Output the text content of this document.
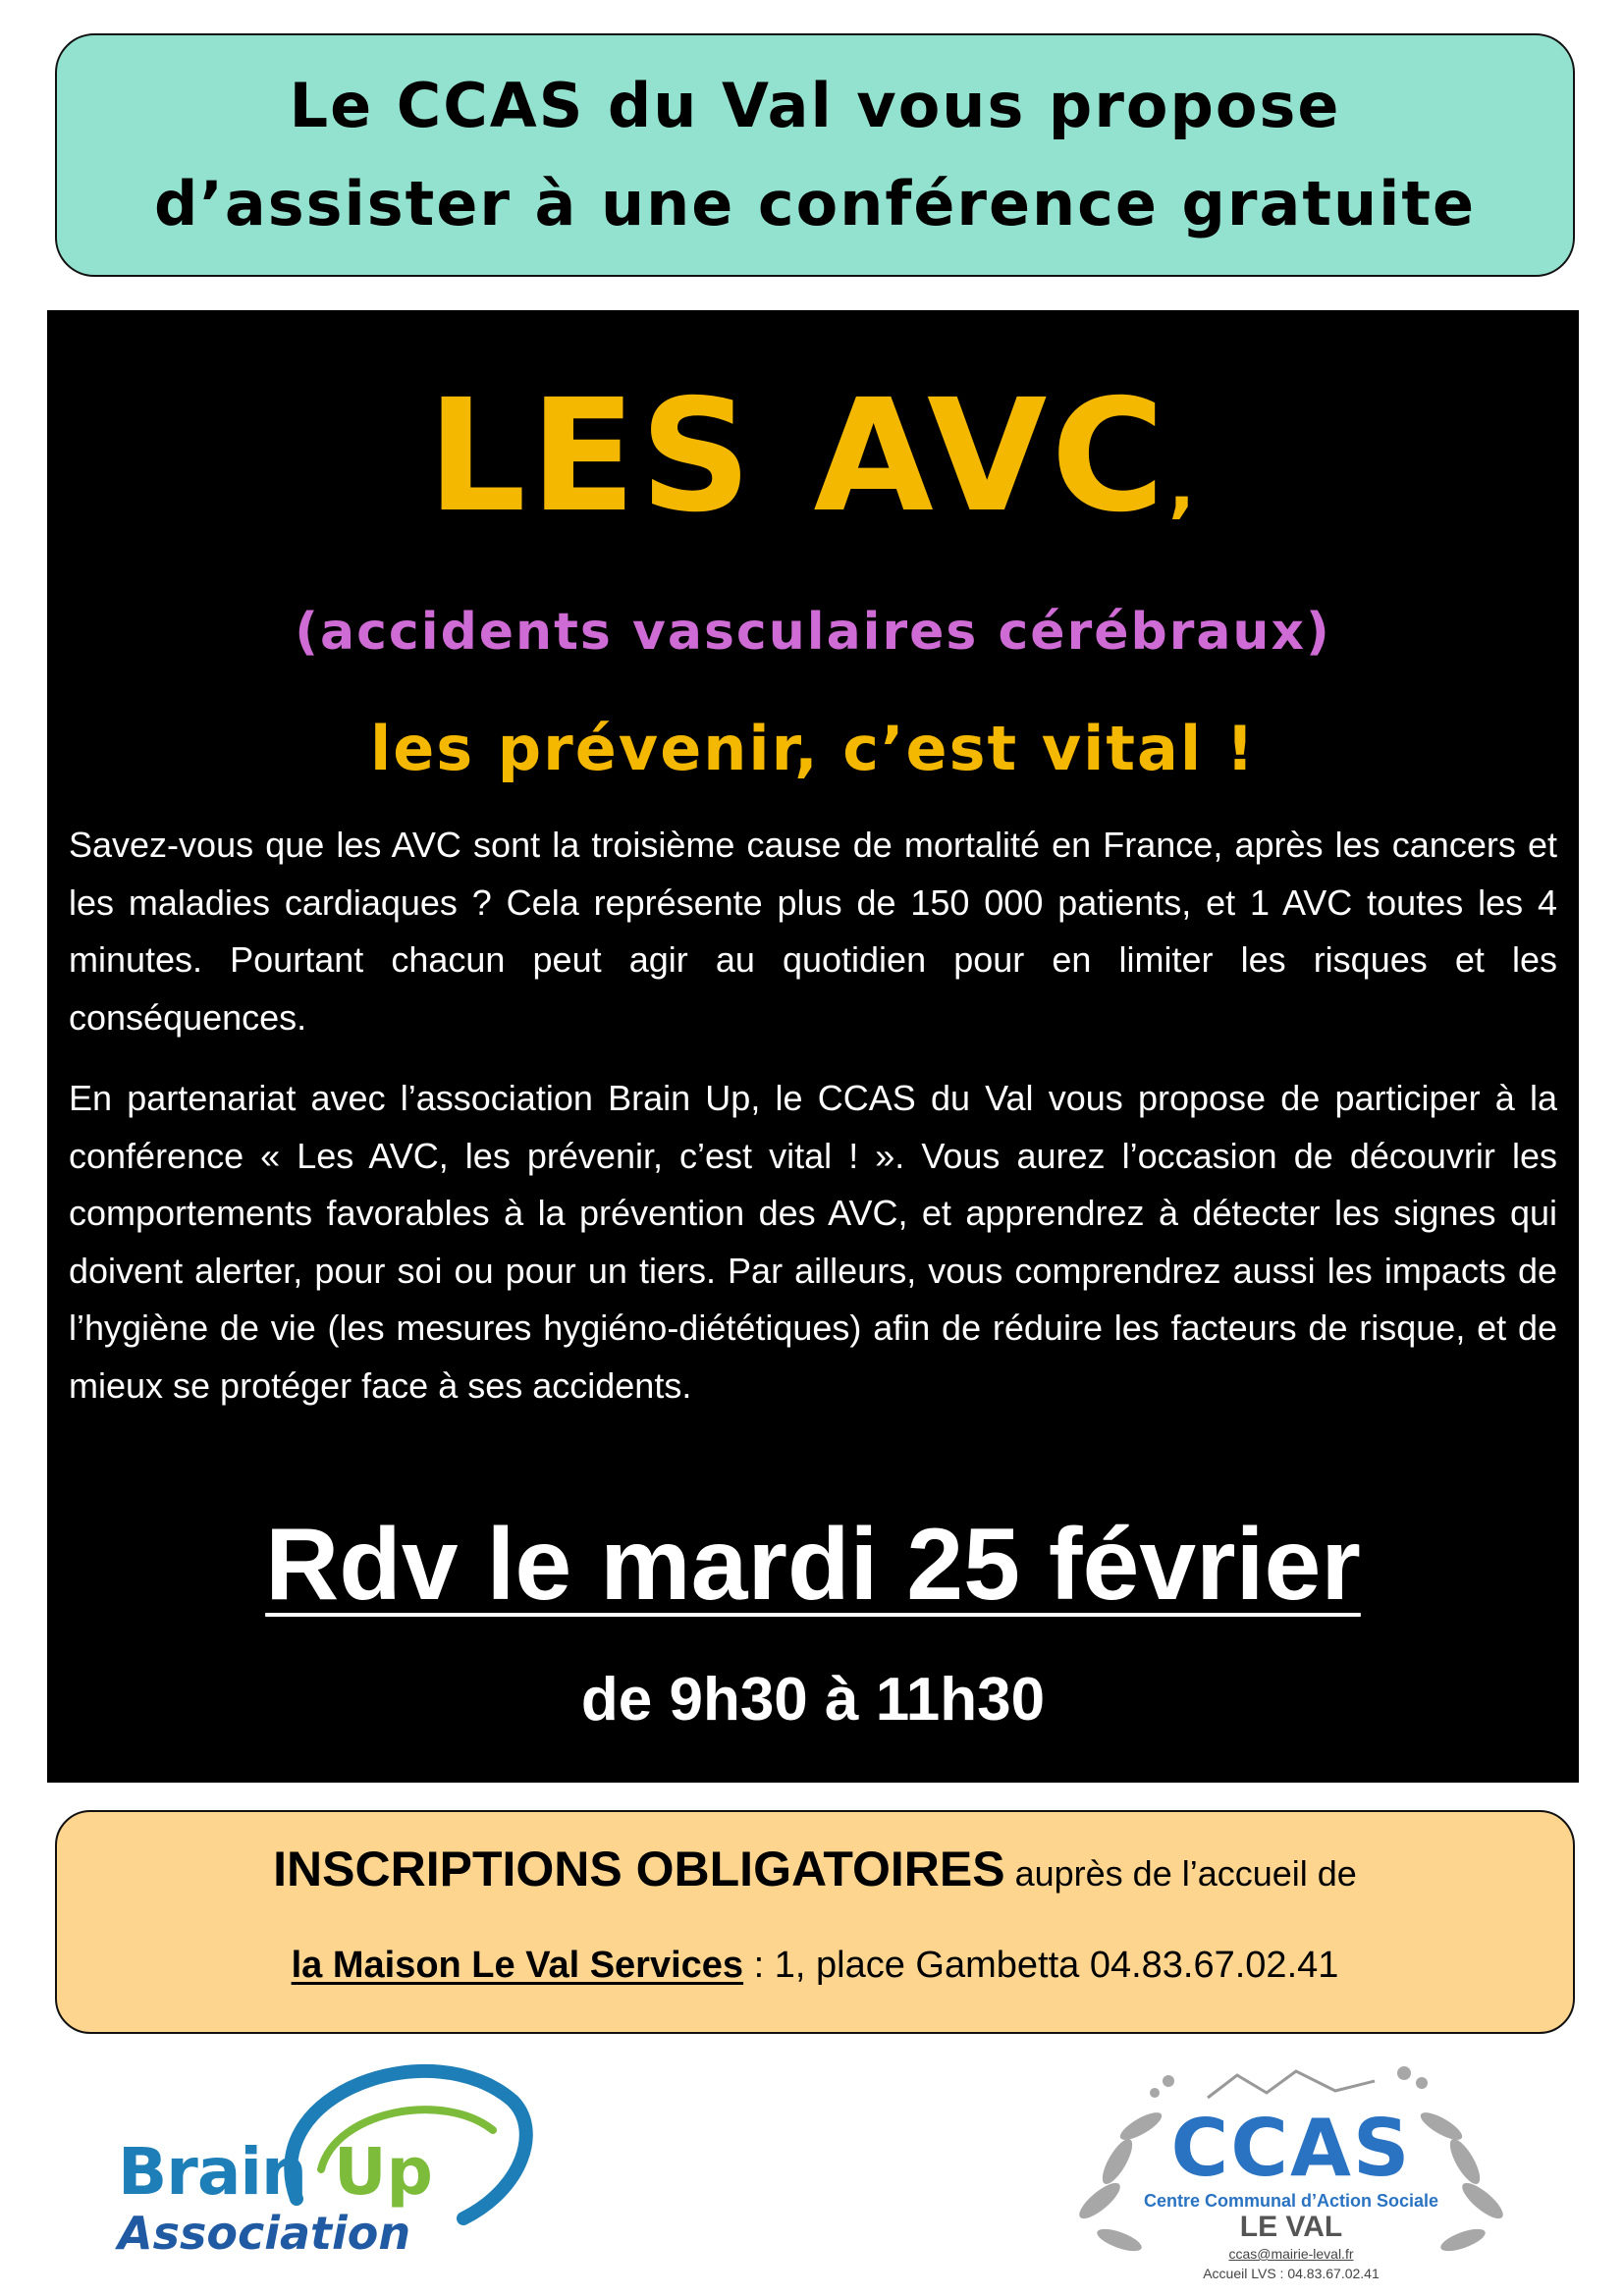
Le CCAS du Val vous propose
d’assister à une conférence gratuite
LES AVC,
(accidents vasculaires cérébraux)
les prévenir, c’est vital !

Savez-vous que les AVC sont la troisième cause de mortalité en France, après les cancers et les maladies cardiaques ? Cela représente plus de 150 000 patients, et 1 AVC toutes les 4 minutes. Pourtant chacun peut agir au quotidien pour en limiter les risques et les conséquences.

En partenariat avec l’association Brain Up, le CCAS du Val vous propose de participer à la conférence « Les AVC, les prévenir, c’est vital ! ». Vous aurez l’occasion de découvrir les comportements favorables à la prévention des AVC, et apprendrez à détecter les signes qui doivent alerter, pour soi ou pour un tiers. Par ailleurs, vous comprendrez aussi les impacts de l’hygiène de vie (les mesures hygiéno-diététiques) afin de réduire les facteurs de risque, et de mieux se protéger face à ses accidents.

Rdv le mardi 25 février
de 9h30 à 11h30
INSCRIPTIONS OBLIGATOIRES auprès de l’accueil de
la Maison Le Val Services : 1, place Gambetta 04.83.67.02.41
Brain Up
Association
CCAS
Centre Communal d’Action Sociale
LE VAL
ccas@mairie-leval.fr
Accueil LVS : 04.83.67.02.41
